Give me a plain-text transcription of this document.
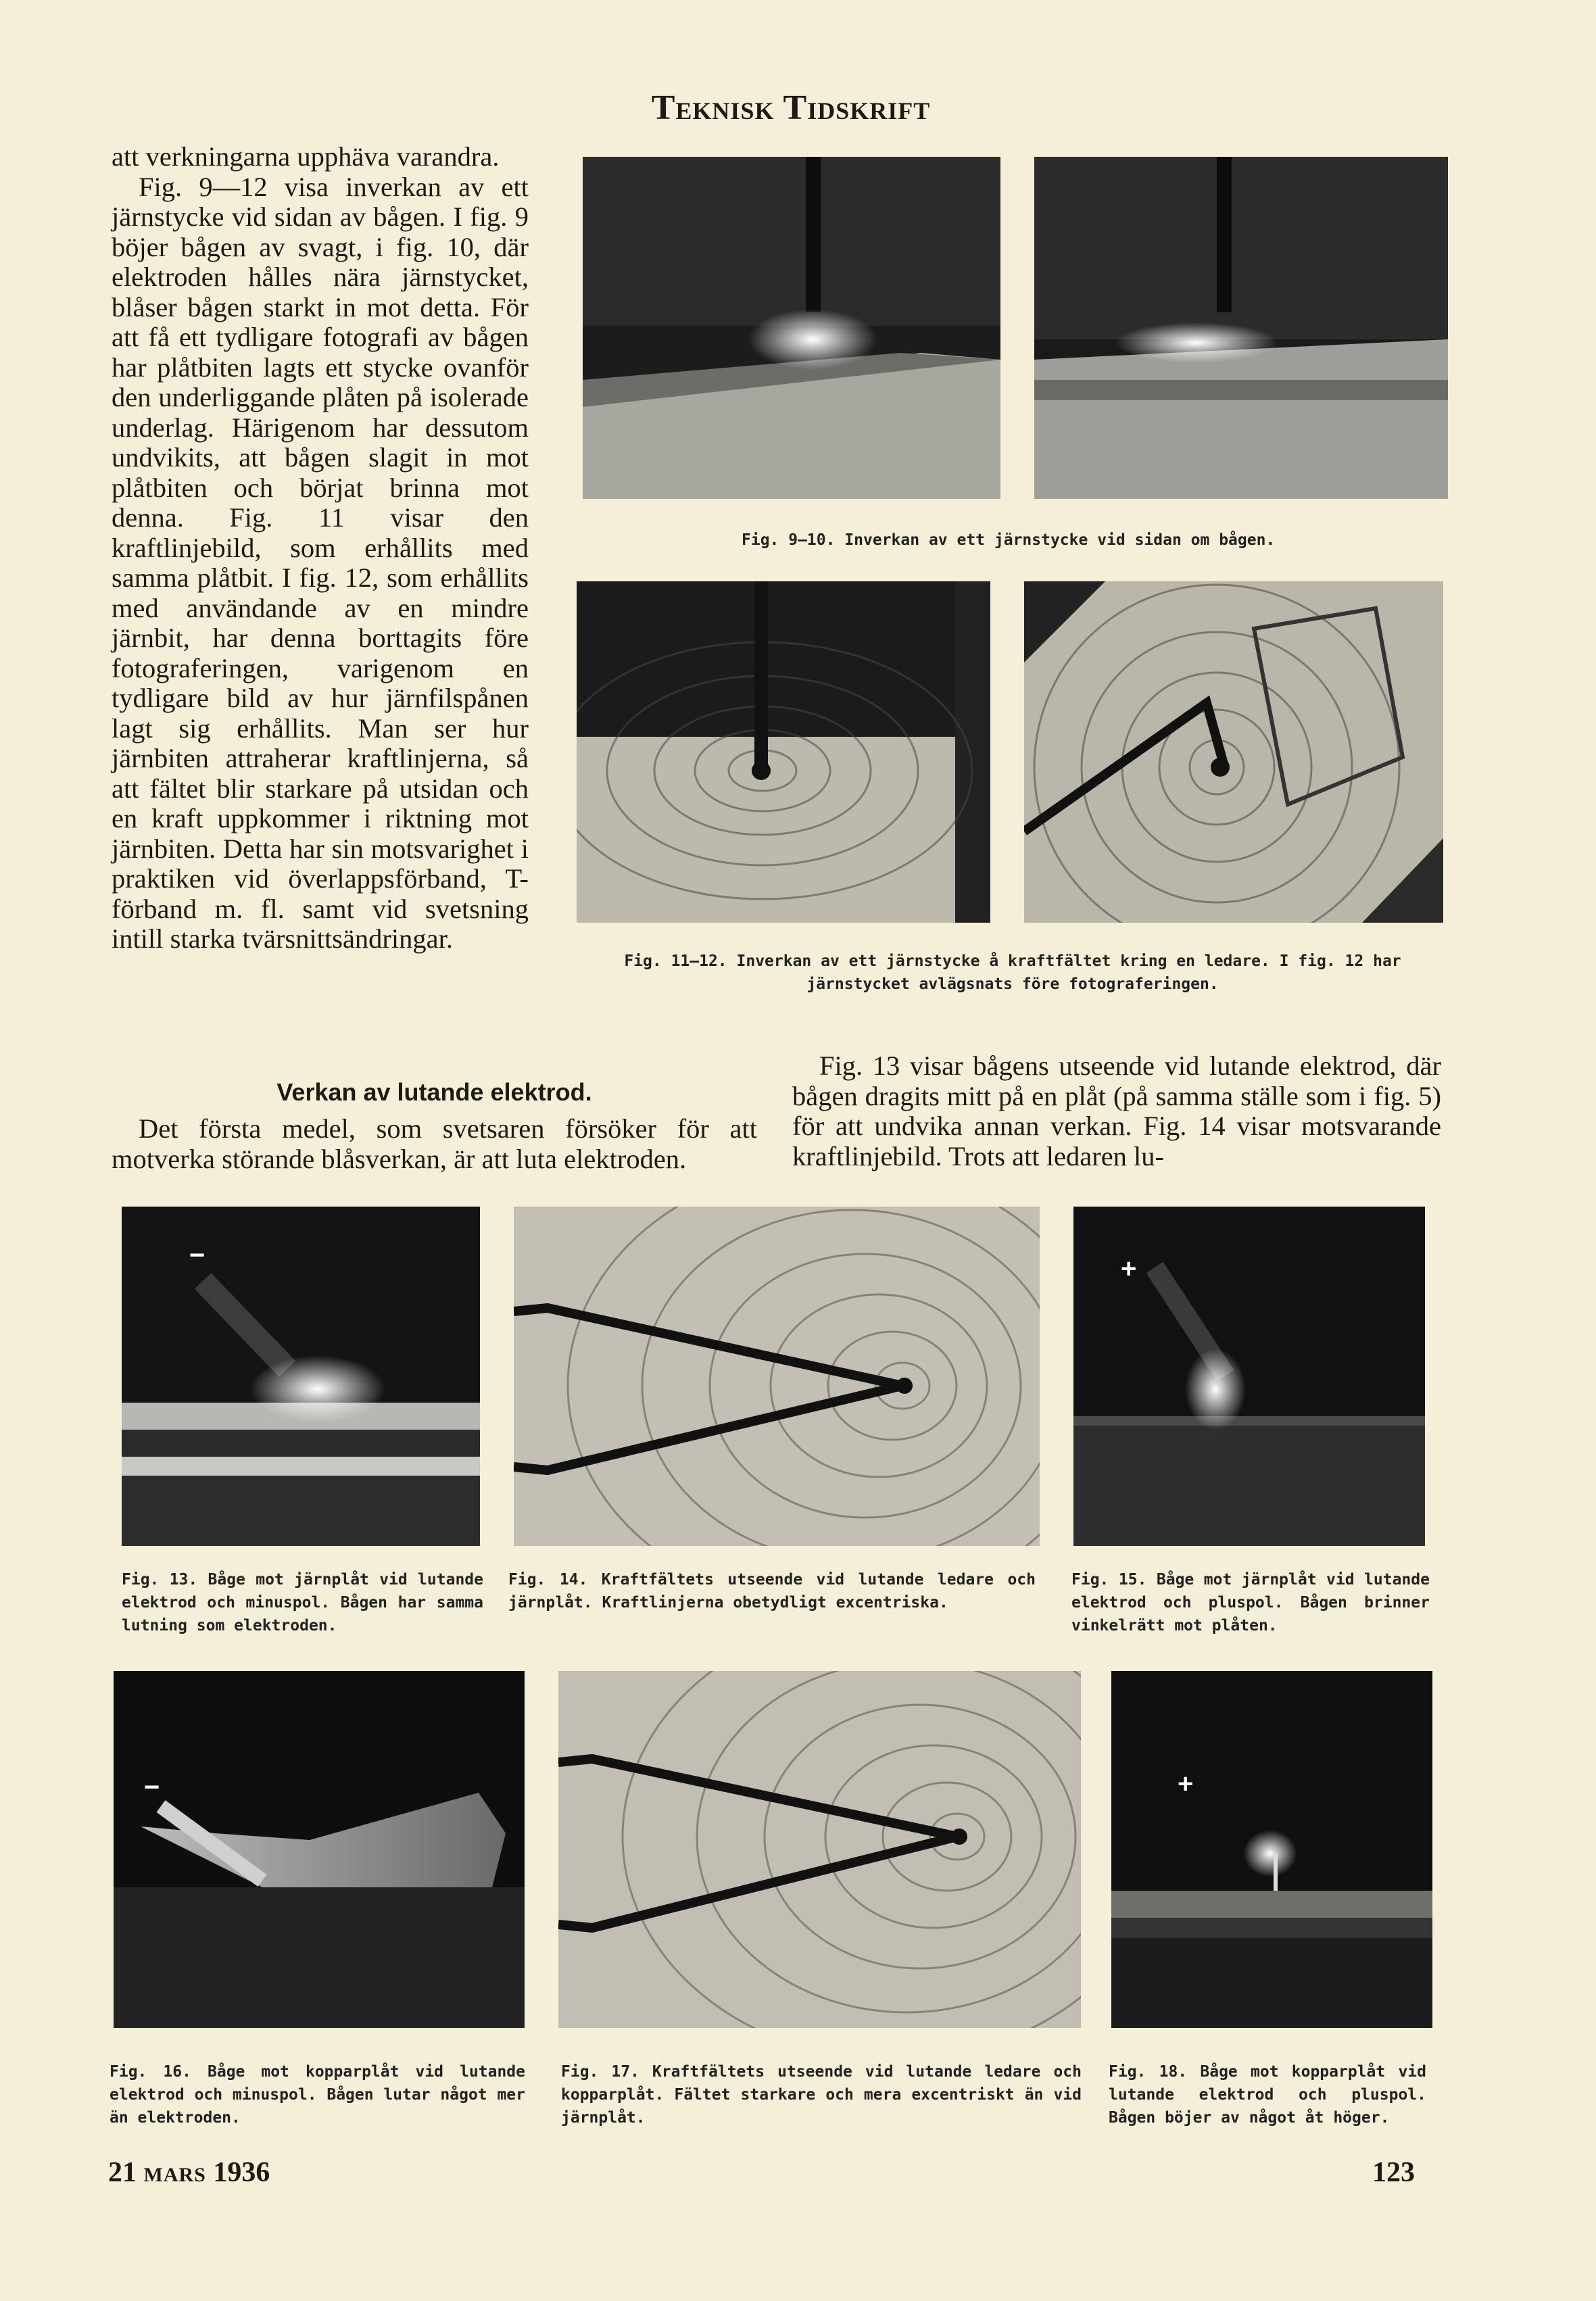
Teknisk Tidskrift

att verkningarna upphäva varandra.

Fig. 9—12 visa inverkan av ett järnstycke vid sidan av bågen. I fig. 9 böjer bågen av svagt, i fig. 10, där elektroden hålles nära järnstycket, blåser bågen starkt in mot detta. För att få ett tydligare fotografi av bågen har plåtbiten lagts ett stycke ovanför den underliggande plåten på isolerade underlag. Härigenom har dessutom undvikits, att bågen slagit in mot plåtbiten och börjat brinna mot denna. Fig. 11 visar den kraftlinjebild, som erhållits med samma plåtbit. I fig. 12, som erhållits med användande av en mindre järnbit, har denna borttagits före fotograferingen, varigenom en tydligare bild av hur järnfilspånen lagt sig erhållits. Man ser hur järnbiten attraherar kraftlinjerna, så att fältet blir starkare på utsidan och en kraft uppkommer i riktning mot järnbiten. Detta har sin motsvarighet i praktiken vid överlappsförband, T-förband m. fl. samt vid svetsning intill starka tvärsnittsändringar.

Verkan av lutande elektrod.

Det första medel, som svetsaren försöker för att motverka störande blåsverkan, är att luta elektroden.

Fig. 13 visar bågens utseende vid lutande elektrod, där bågen dragits mitt på en plåt (på samma ställe som i fig. 5) för att undvika annan verkan. Fig. 14 visar motsvarande kraftlinjebild. Trots att ledaren lu-

Fig. 9—10. Inverkan av ett järnstycke vid sidan om bågen.
Fig. 11—12. Inverkan av ett järnstycke å kraftfältet kring en ledare. I fig. 12 har järnstycket avlägsnats före fotograferingen.
−	+
Fig. 13. Båge mot järnplåt vid lutande elektrod och minuspol. Bågen har samma lutning som elektroden.
Fig. 14. Kraftfältets utseende vid lutande ledare och järnplåt. Kraftlinjerna obetydligt excentriska.
Fig. 15. Båge mot järnplåt vid lutande elektrod och pluspol. Bågen brinner vinkelrätt mot plåten.
−	+
Fig. 16. Båge mot kopparplåt vid lutande elektrod och minuspol. Bågen lutar något mer än elektroden.
Fig. 17. Kraftfältets utseende vid lutande ledare och kopparplåt. Fältet starkare och mera excentriskt än vid järnplåt.
Fig. 18. Båge mot kopparplåt vid lutande elektrod och pluspol. Bågen böjer av något åt höger.
21 MARS 1936	123
